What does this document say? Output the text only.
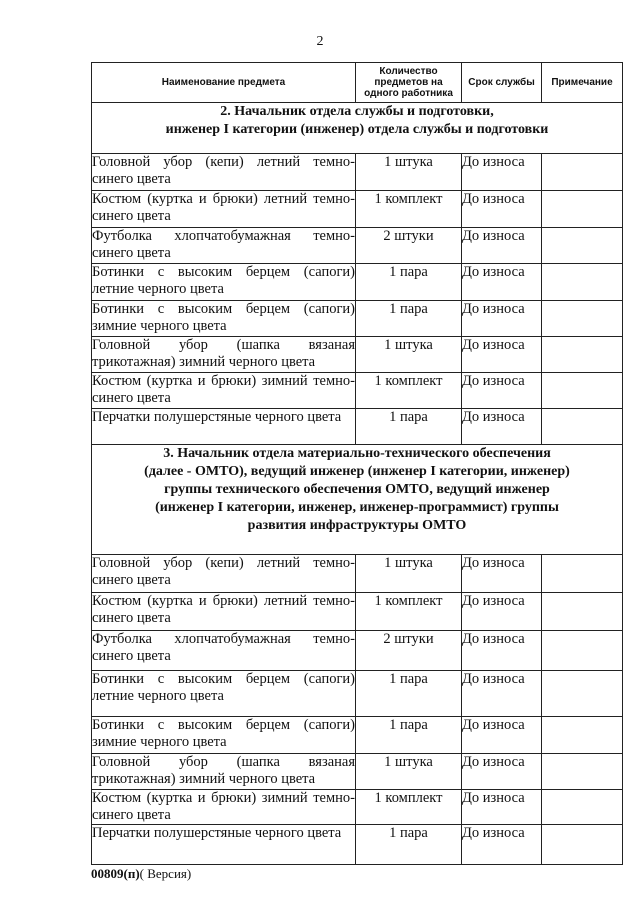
2
Наименование предмета	Количество предметов на одного работника	Срок службы	Примечание

2. Начальник отдела службы и подготовки,
инженер I категории (инженер) отдела службы и подготовки			

Головной убор (кепи) летний темно-синего цвета	1 штука	До износа	
Костюм (куртка и брюки) летний темно-синего цвета	1 комплект	До износа	
Футболка хлопчатобумажная темно-синего цвета	2 штуки	До износа	
Ботинки с высоким берцем (сапоги) летние черного цвета	1 пара	До износа	
Ботинки с высоким берцем (сапоги) зимние черного цвета	1 пара	До износа	
Головной убор (шапка вязаная трикотажная) зимний черного цвета	1 штука	До износа	
Костюм (куртка и брюки) зимний темно-синего цвета	1 комплект	До износа	
Перчатки полушерстяные черного цвета	1 пара	До износа	

3. Начальник отдела материально-технического обеспечения
(далее - ОМТО), ведущий инженер (инженер I категории, инженер)
группы технического обеспечения ОМТО, ведущий инженер
(инженер I категории, инженер, инженер-программист) группы
развития инфраструктуры ОМТО			

Головной убор (кепи) летний темно-синего цвета	1 штука	До износа	
Костюм (куртка и брюки) летний темно-синего цвета	1 комплект	До износа	
Футболка хлопчатобумажная темно-синего цвета	2 штуки	До износа	
Ботинки с высоким берцем (сапоги) летние черного цвета	1 пара	До износа	
Ботинки с высоким берцем (сапоги) зимние черного цвета	1 пара	До износа	
Головной убор (шапка вязаная трикотажная) зимний черного цвета	1 штука	До износа	
Костюм (куртка и брюки) зимний темно-синего цвета	1 комплект	До износа	
Перчатки полушерстяные черного цвета	1 пара	До износа	
00809(п)( Версия)
